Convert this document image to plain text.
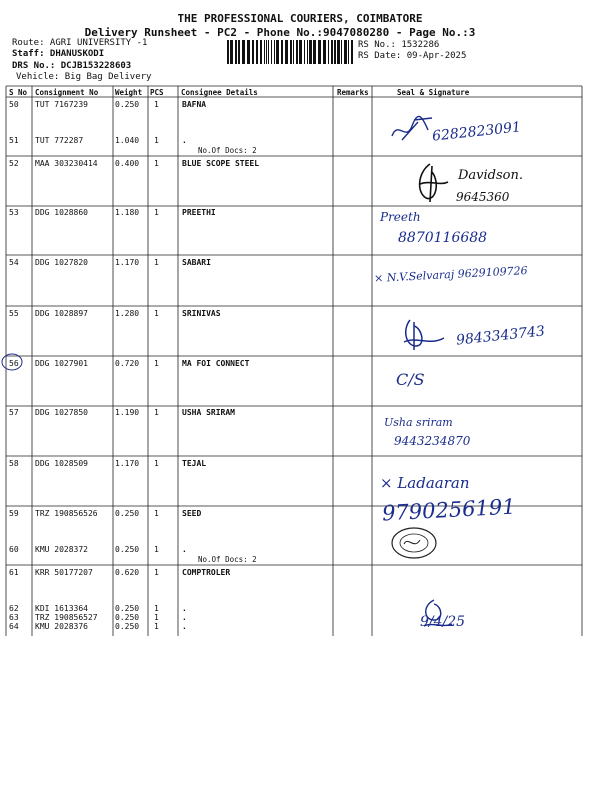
THE PROFESSIONAL COURIERS, COIMBATORE
Delivery Runsheet - PC2 - Phone No.:9047080280 - Page No.:3
Route: AGRI UNIVERSITY -1
Staff: DHANUSKODI
DRS No.: DCJB153228603
Vehicle: Big Bag Delivery
RS No.: 1532286
RS Date: 09-Apr-2025
S No Consignment No Weight PCS Consignee Details	Remarks	Seal & Signature
50 TUT 7167239	0.250 1	BAFNA
51 TUT 772287	1.040 1	.
No.Of Docs: 2
52 MAA 303230414 0.400 1	BLUE SCOPE STEEL
53 DDG 1028860	1.180 1	PREETHI
54 DDG 1027820	1.170 1	SABARI
55 DDG 1028897	1.280 1	SRINIVAS
56 DDG 1027901	0.720 1	MA FOI CONNECT
57 DDG 1027850	1.190 1	USHA SRIRAM
58 DDG 1028509	1.170 1	TEJAL
59 TRZ 190856526 0.250 1	SEED
60 KMU 2028372	0.250 1	.
No.Of Docs: 2
61 KRR 50177207	0.620 1	COMPTROLER
62 KDI 1613364	0.250 1	.
63 TRZ 190856527 0.250 1	.
64 KMU 2028376	0.250 1	.
6282823091
Davidson.
9645360
Preeth
8870116688
× N.V.Selvaraj 9629109726
9843343743
C/S
Usha sriram
9443234870
× Ladaaran
9790256191
9/4/25
